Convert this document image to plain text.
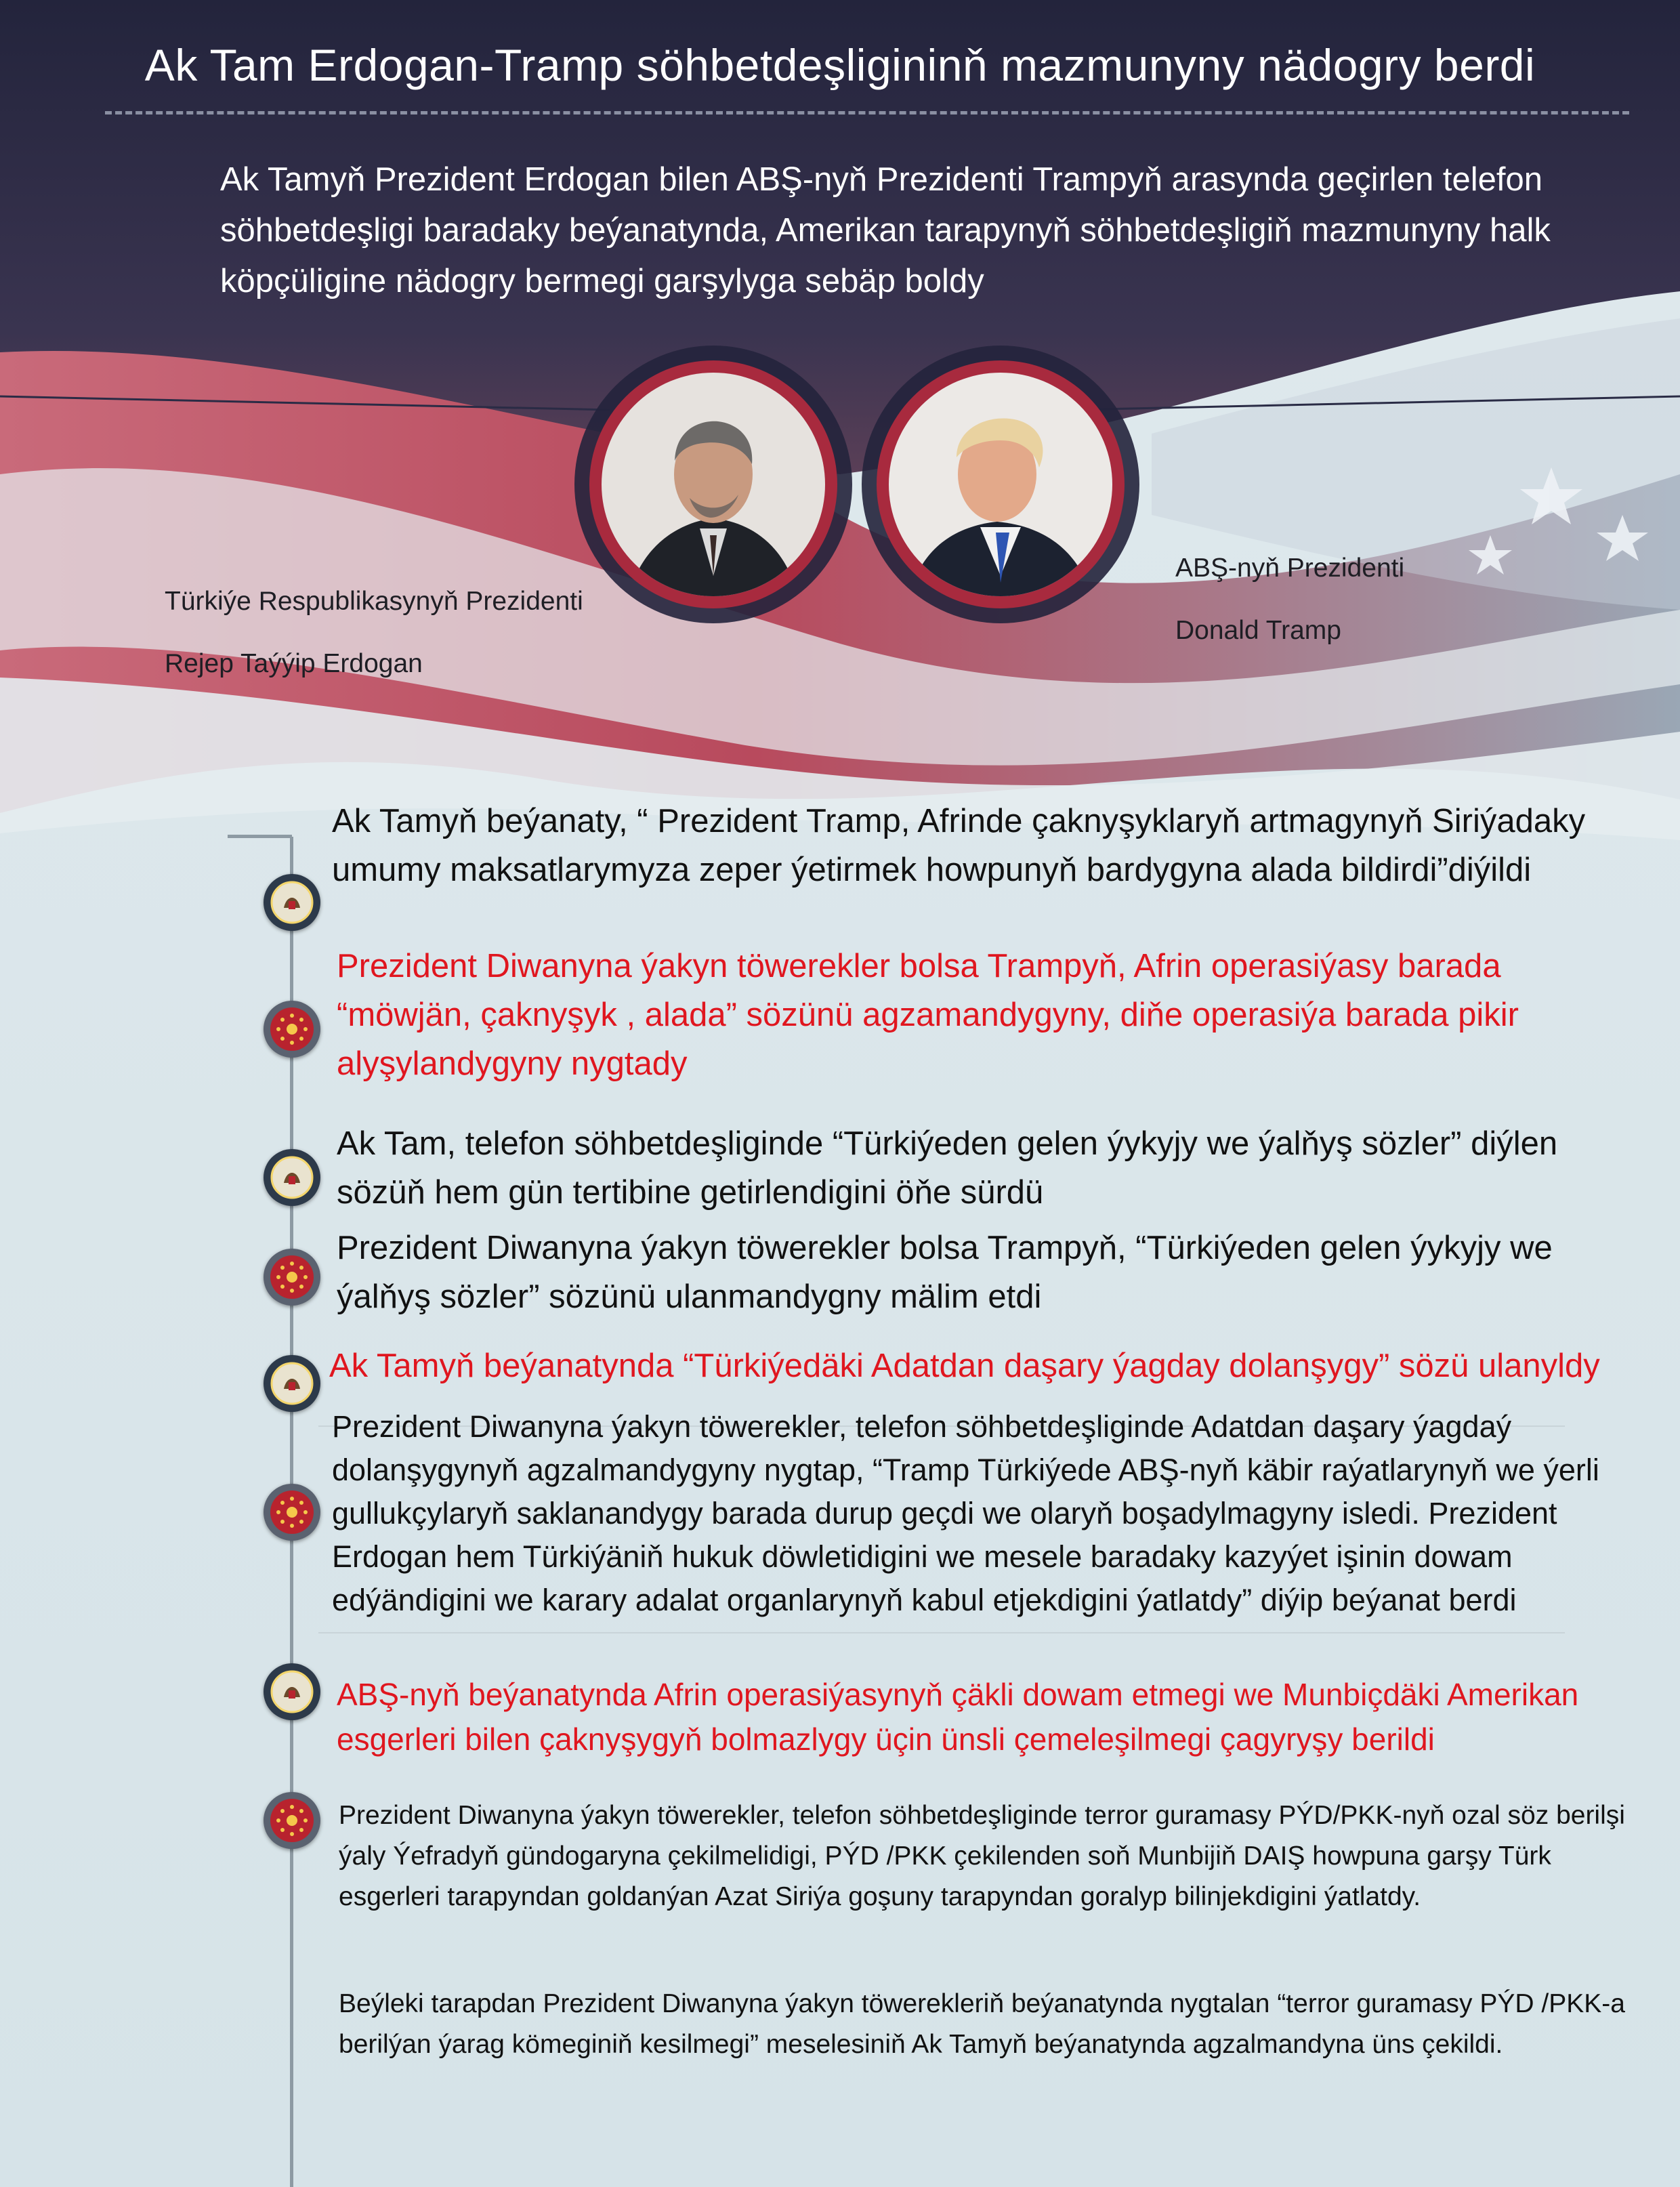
Ak Tam Erdogan-Tramp söhbetdeşligininň mazmunyny nädogry berdi
Ak Tamyň Prezident Erdogan bilen ABŞ-nyň Prezidenti Trampyň arasynda geçirlen telefon söhbetdeşligi baradaky beýanatynda, Amerikan tarapynyň söhbetdeşligiň mazmunyny halk köpçüligine nädogry bermegi garşylyga sebäp boldy
Türkiýe Respublikasynyň Prezidenti
Rejep Taýýip Erdogan
ABŞ-nyň Prezidenti
Donald Tramp
Ak Tamyň beýanaty, “ Prezident Tramp, Afrinde çaknyşyklaryň artmagynyň Siriýadaky umumy maksatlarymyza zeper ýetirmek howpunyň bardygyna alada bildirdi”diýildi
Prezident Diwanyna ýakyn töwerekler bolsa Trampyň, Afrin operasiýasy barada “möwjän, çaknyşyk , alada” sözünü agzamandygyny, diňe operasiýa barada pikir alyşylandygyny nygtady
Ak Tam, telefon söhbetdeşliginde “Türkiýeden gelen ýykyjy we ýalňyş sözler” diýlen sözüň hem gün tertibine getirlendigini öňe sürdü
Prezident Diwanyna ýakyn töwerekler bolsa Trampyň, “Türkiýeden gelen ýykyjy we ýalňyş sözler” sözünü ulanmandygny mälim etdi
Ak Tamyň beýanatynda “Türkiýedäki Adatdan daşary ýagday dolanşygy” sözü ulanyldy
Prezident Diwanyna ýakyn töwerekler, telefon söhbetdeşliginde Adatdan daşary ýagdaý dolanşygynyň agzalmandygyny nygtap, “Tramp Türkiýede ABŞ-nyň käbir raýatlarynyň we ýerli gullukçylaryň saklanandygy barada durup geçdi we olaryň boşadylmagyny isledi. Prezident Erdogan hem Türkiýäniň hukuk döwletidigini we mesele baradaky kazyýet işinin dowam edýändigini we karary adalat organlarynyň kabul etjekdigini ýatlatdy” diýip beýanat berdi
ABŞ-nyň beýanatynda Afrin operasiýasynyň çäkli dowam etmegi we Munbiçdäki Amerikan esgerleri bilen çaknyşygyň bolmazlygy üçin ünsli çemeleşilmegi çagyryşy berildi
Prezident Diwanyna ýakyn töwerekler, telefon söhbetdeşliginde terror guramasy PÝD/PKK-nyň ozal söz berilşi ýaly Ýefradyň gündogaryna çekilmelidigi, PÝD /PKK çekilenden soň Munbijiň DAIŞ howpuna garşy Türk esgerleri tarapyndan goldanýan Azat Siriýa goşuny tarapyndan goralyp bilinjekdigini ýatlatdy.
Beýleki tarapdan Prezident Diwanyna ýakyn töwerekleriň beýanatynda nygtalan “terror guramasy PÝD /PKK-a berilýan ýarag kömeginiň kesilmegi” meselesiniň Ak Tamyň beýanatynda agzalmandyna üns çekildi.
